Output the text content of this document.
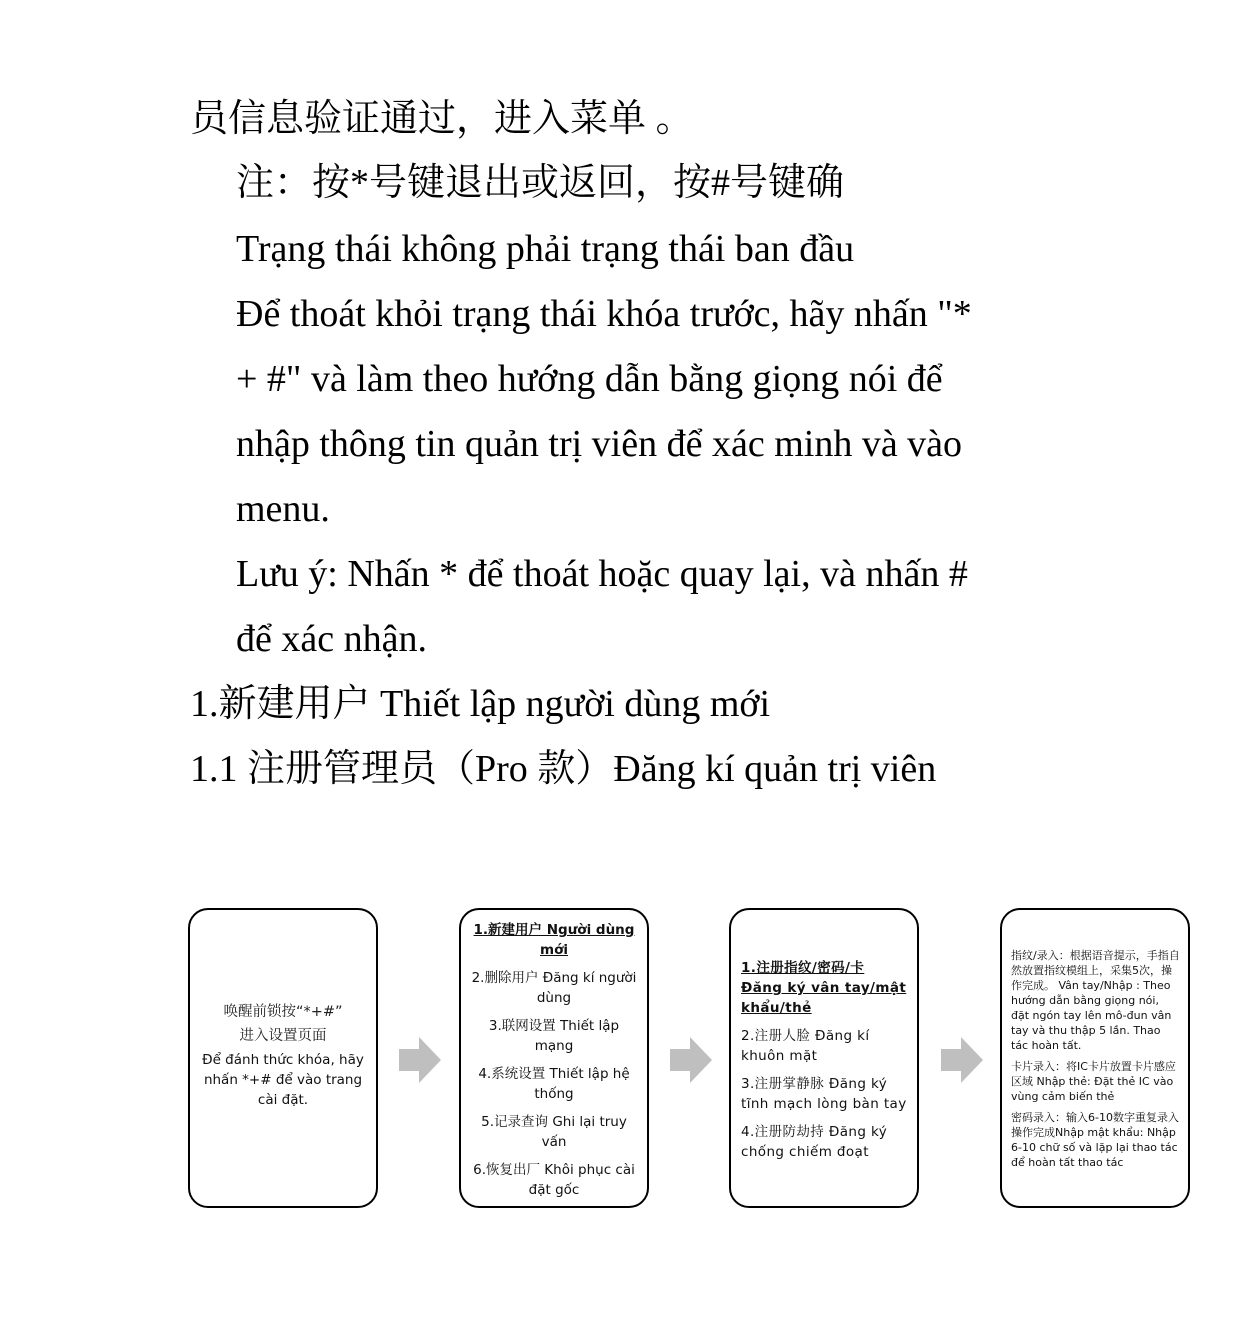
员信息验证通过，进入菜单 。
注：按*号键退出或返回，按#号键确
Trạng thái không phải trạng thái ban đầu
Để thoát khỏi trạng thái khóa trước, hãy nhấn "*
+ #" và làm theo hướng dẫn bằng giọng nói để
nhập thông tin quản trị viên để xác minh và vào
menu.
Lưu ý: Nhấn * để thoát hoặc quay lại, và nhấn #
để xác nhận.
1.新建用户 Thiết lập người dùng mới
1.1 注册管理员（Pro 款）Đăng kí quản trị viên

唤醒前锁按“*+#”

进入设置页面

Để đánh thức khóa, hãy nhấn *+# để vào trang cài đặt.

1.新建用户 Người dùng mới

2.删除用户 Đăng kí người dùng

3.联网设置 Thiết lập mạng

4.系统设置 Thiết lập hệ thống

5.记录查询 Ghi lại truy vấn

6.恢复出厂 Khôi phục cài đặt gốc

1.注册指纹/密码/卡 Đăng ký vân tay/mật khẩu/thẻ

2.注册人脸 Đăng kí khuôn mặt

3.注册掌静脉 Đăng ký tĩnh mạch lòng bàn tay

4.注册防劫持 Đăng ký chống chiếm đoạt

指纹/录入：根据语音提示，手指自然放置指纹模组上，采集5次，操作完成。 Vân tay/Nhập : Theo hướng dẫn bằng giọng nói, đặt ngón tay lên mô-đun vân tay và thu thập 5 lần. Thao tác hoàn tất.

卡片录入：将IC卡片放置卡片感应区域 Nhập thẻ: Đặt thẻ IC vào vùng cảm biến thẻ

密码录入：输入6-10数字重复录入操作完成Nhập mật khẩu: Nhập 6-10 chữ số và lặp lại thao tác để hoàn tất thao tác
